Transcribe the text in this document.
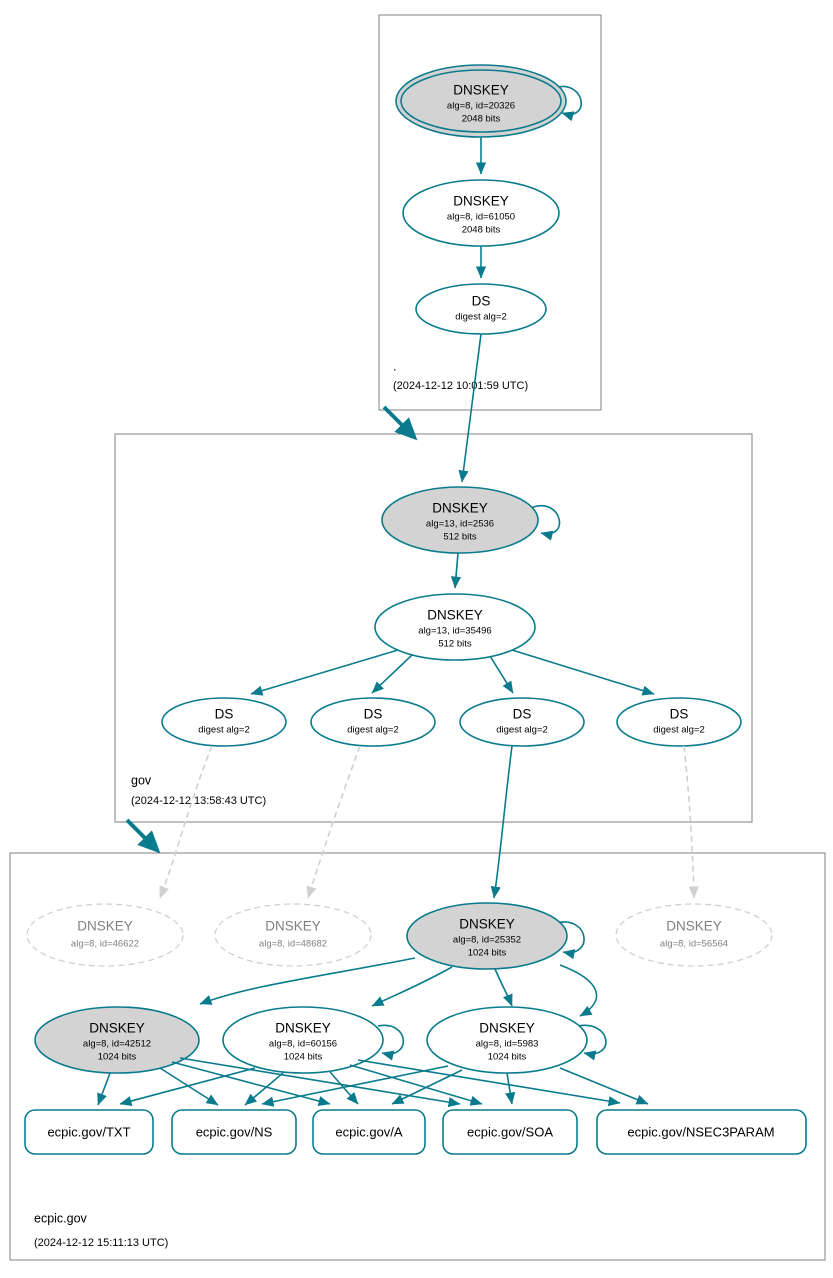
DNSKEY
alg=8, id=20326
2048 bits
DNSKEY
alg=8, id=61050
2048 bits
DS
digest alg=2
.
(2024-12-12 10:01:59 UTC)
DNSKEY
alg=13, id=2536
512 bits
DNSKEY
alg=13, id=35496
512 bits
DS
digest alg=2
DS
digest alg=2
DS
digest alg=2
DS
digest alg=2
gov
(2024-12-12 13:58:43 UTC)
DNSKEY
alg=8, id=46622
DNSKEY
alg=8, id=48682
DNSKEY
alg=8, id=56564
DNSKEY
alg=8, id=25352
1024 bits
DNSKEY
alg=8, id=42512
1024 bits
DNSKEY
alg=8, id=60156
1024 bits
DNSKEY
alg=8, id=5983
1024 bits
ecpic.gov/TXT	ecpic.gov/NS	ecpic.gov/A	ecpic.gov/SOA	ecpic.gov/NSEC3PARAM
ecpic.gov
(2024-12-12 15:11:13 UTC)
